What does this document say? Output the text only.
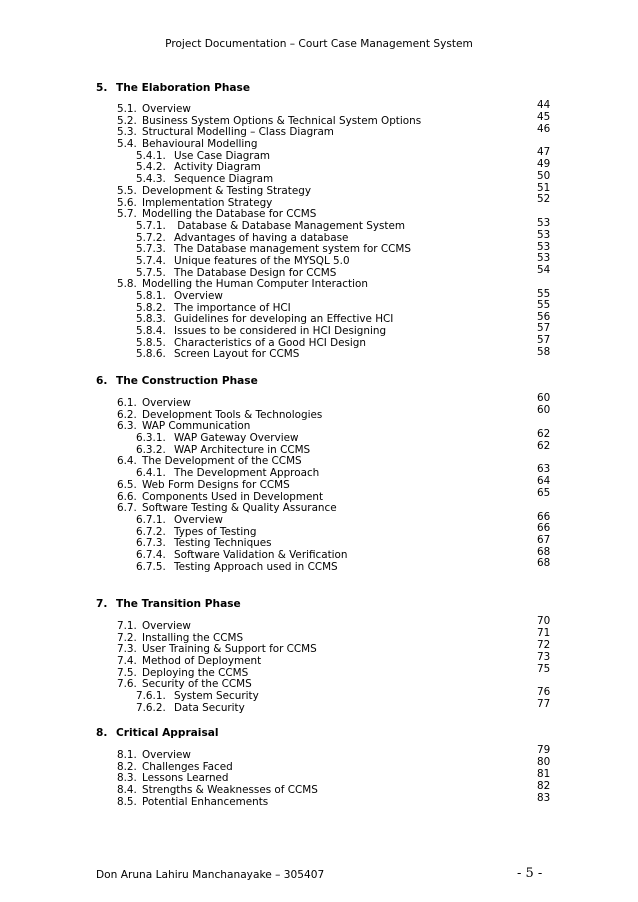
Project Documentation – Court Case Management System
5. The Elaboration Phase
5.1. Overview
5.2. Business System Options & Technical System Options
5.3. Structural Modelling – Class Diagram
5.4. Behavioural Modelling
5.4.1. Use Case Diagram
5.4.2. Activity Diagram
5.4.3. Sequence Diagram
5.5. Development & Testing Strategy
5.6. Implementation Strategy
5.7. Modelling the Database for CCMS
5.7.1. Database & Database Management System
5.7.2. Advantages of having a database
5.7.3. The Database management system for CCMS
5.7.4. Unique features of the MYSQL 5.0
5.7.5. The Database Design for CCMS
5.8. Modelling the Human Computer Interaction
5.8.1. Overview
5.8.2. The importance of HCI
5.8.3. Guidelines for developing an Effective HCI
5.8.4. Issues to be considered in HCI Designing
5.8.5. Characteristics of a Good HCI Design
5.8.6. Screen Layout for CCMS
44
45
46
47
49
50
51
52
53
53
53
53
54
55
55
56
57
57
58
6. The Construction Phase
6.1. Overview
6.2. Development Tools & Technologies
6.3. WAP Communication
6.3.1. WAP Gateway Overview
6.3.2. WAP Architecture in CCMS
6.4. The Development of the CCMS
6.4.1. The Development Approach
6.5. Web Form Designs for CCMS
6.6. Components Used in Development
6.7. Software Testing & Quality Assurance
6.7.1. Overview
6.7.2. Types of Testing
6.7.3. Testing Techniques
6.7.4. Software Validation & Verification
6.7.5. Testing Approach used in CCMS
60
60
62
62
63
64
65
66
66
67
68
68
7. The Transition Phase
7.1. Overview
7.2. Installing the CCMS
7.3. User Training & Support for CCMS
7.4. Method of Deployment
7.5. Deploying the CCMS
7.6. Security of the CCMS
7.6.1. System Security
7.6.2. Data Security
70
71
72
73
75
76
77
8. Critical Appraisal
8.1. Overview
8.2. Challenges Faced
8.3. Lessons Learned
8.4. Strengths & Weaknesses of CCMS
8.5. Potential Enhancements
79
80
81
82
83
Don Aruna Lahiru Manchanayake – 305407	- 5 -
